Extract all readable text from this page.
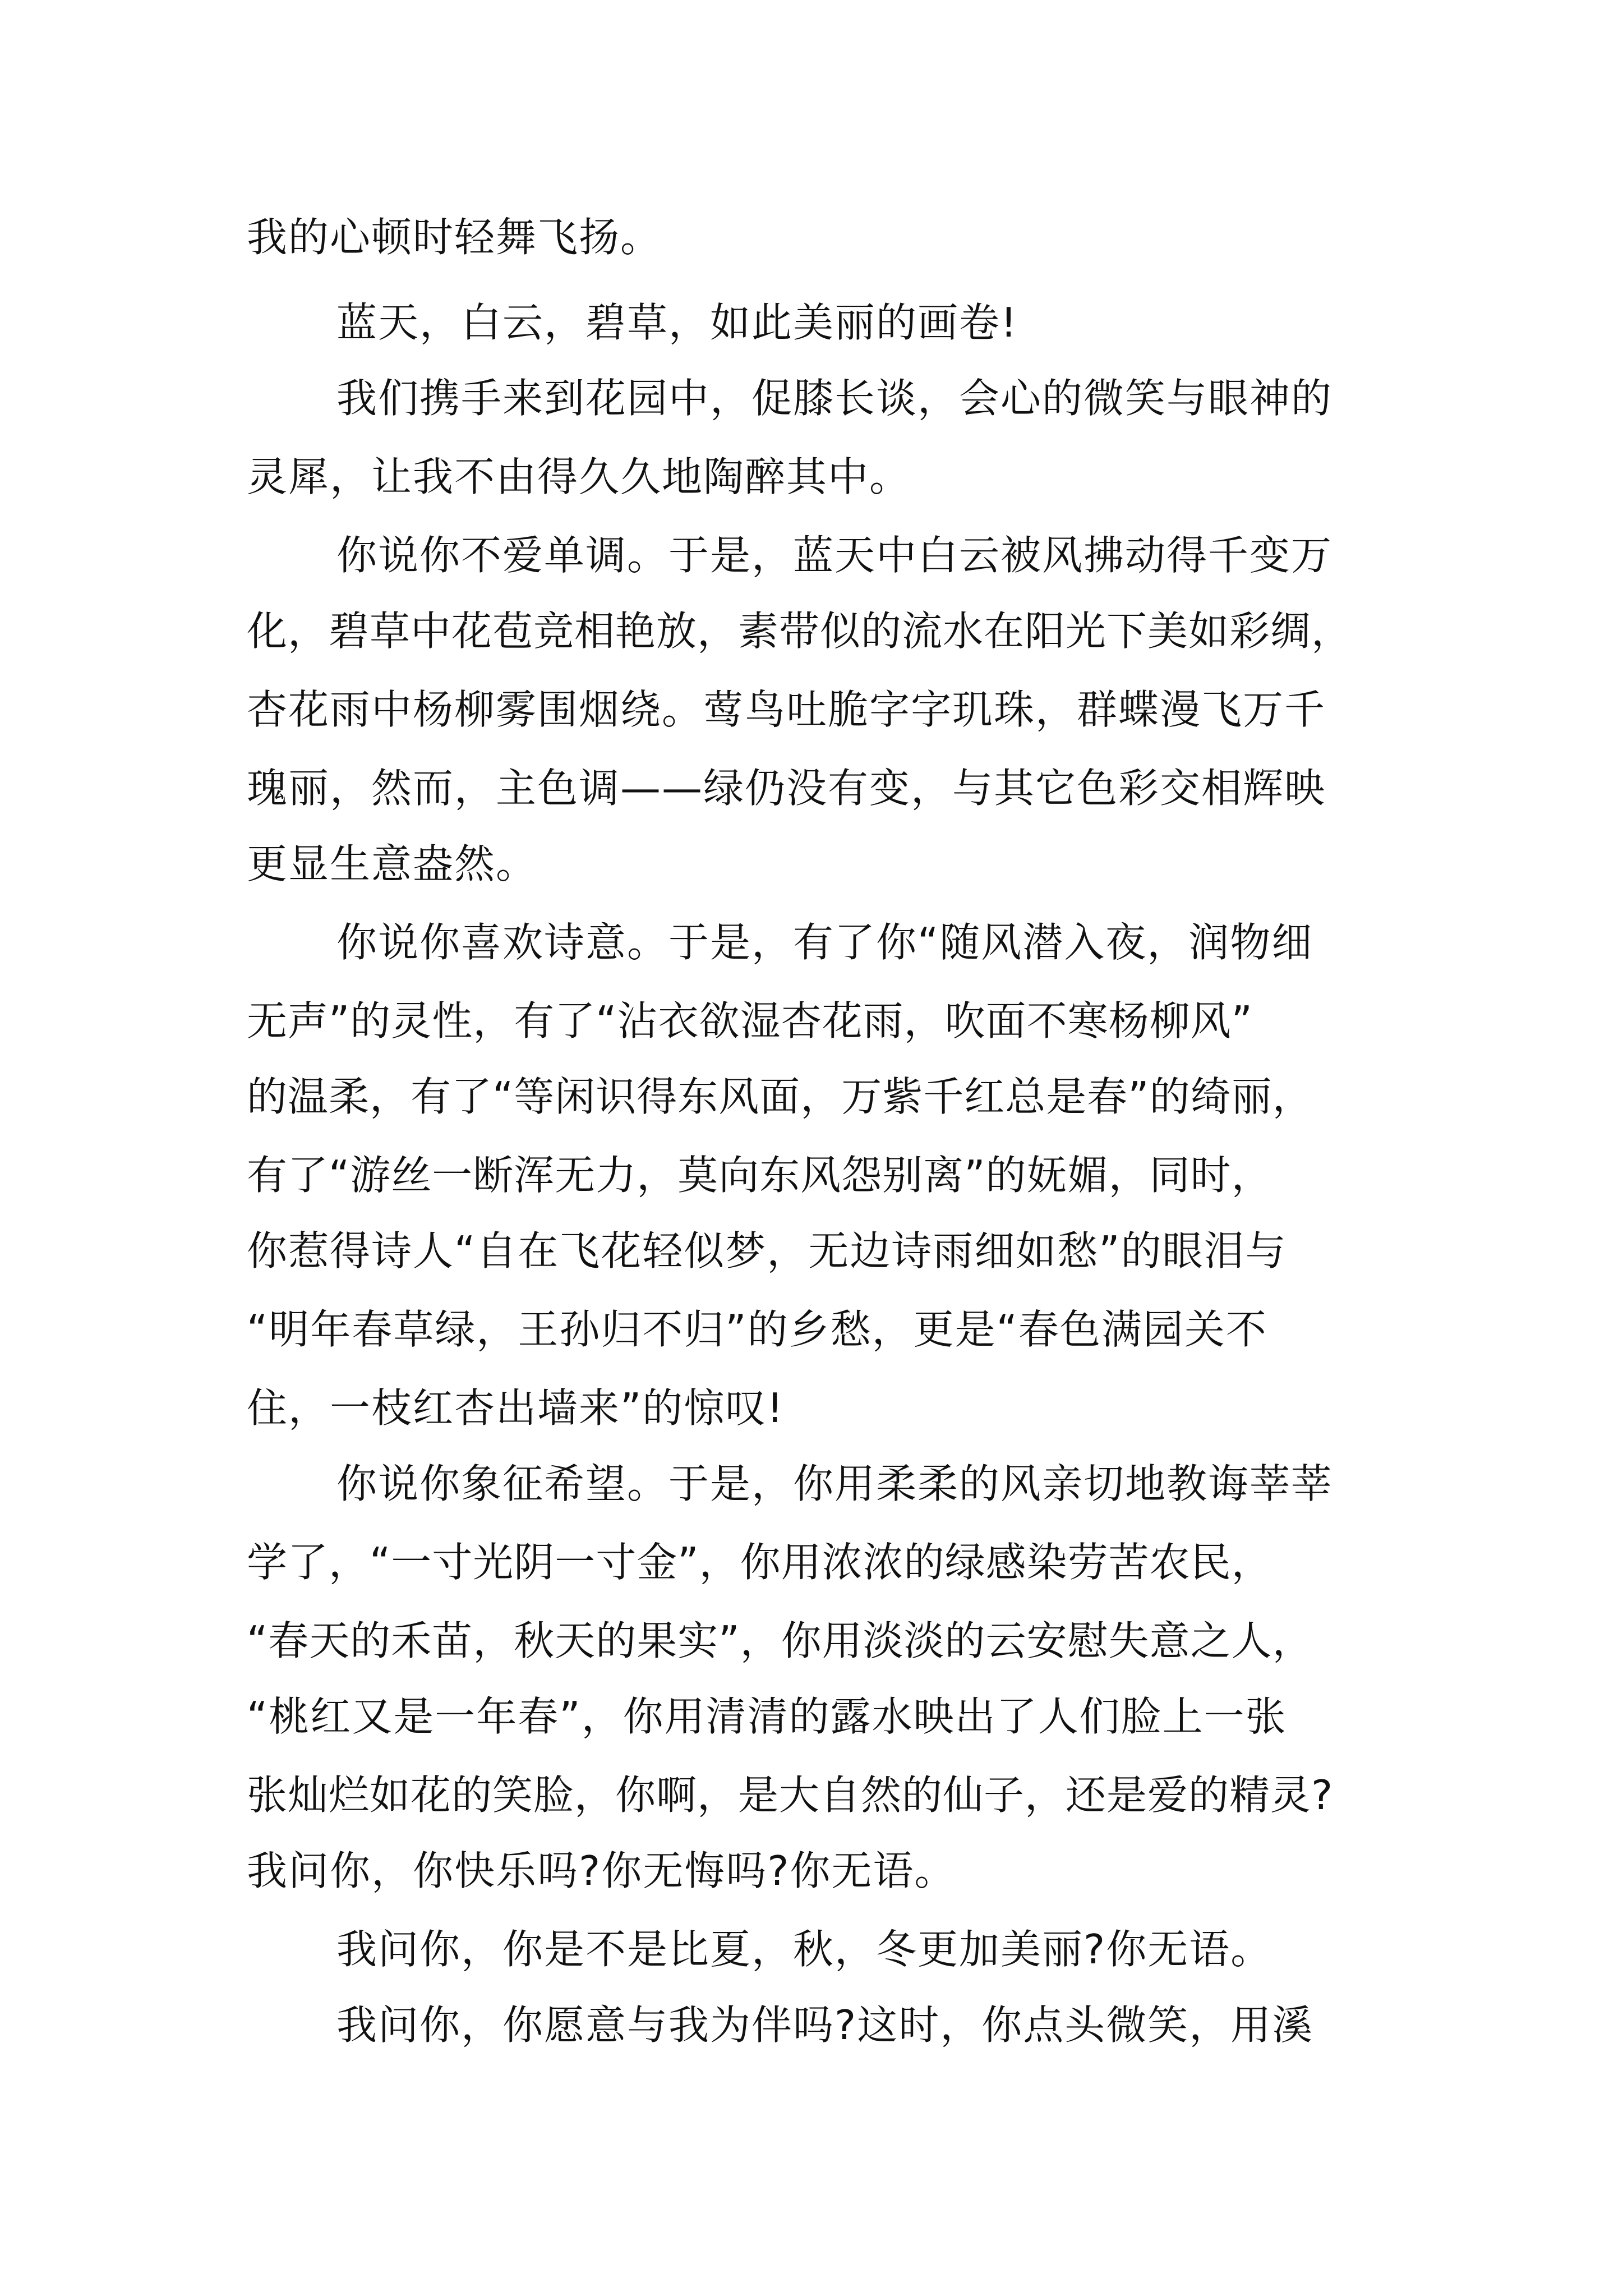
我的心顿时轻舞飞扬。
蓝天，白云，碧草，如此美丽的画卷!
我们携手来到花园中，促膝长谈，会心的微笑与眼神的
灵犀，让我不由得久久地陶醉其中。
你说你不爱单调。于是，蓝天中白云被风拂动得千变万
化，碧草中花苞竞相艳放，素带似的流水在阳光下美如彩绸，
杏花雨中杨柳雾围烟绕。莺鸟吐脆字字玑珠，群蝶漫飞万千
瑰丽，然而，主色调——绿仍没有变，与其它色彩交相辉映
更显生意盎然。
你说你喜欢诗意。于是，有了你“随风潜入夜，润物细
无声”的灵性，有了“沾衣欲湿杏花雨，吹面不寒杨柳风”
的温柔，有了“等闲识得东风面，万紫千红总是春”的绮丽，
有了“游丝一断浑无力，莫向东风怨别离”的妩媚，同时，
你惹得诗人“自在飞花轻似梦，无边诗雨细如愁”的眼泪与
“明年春草绿，王孙归不归”的乡愁，更是“春色满园关不
住，一枝红杏出墙来”的惊叹!
你说你象征希望。于是，你用柔柔的风亲切地教诲莘莘
学了，“一寸光阴一寸金”，你用浓浓的绿感染劳苦农民，
“春天的禾苗，秋天的果实”，你用淡淡的云安慰失意之人，
“桃红又是一年春”，你用清清的露水映出了人们脸上一张
张灿烂如花的笑脸，你啊，是大自然的仙子，还是爱的精灵?
我问你，你快乐吗?你无悔吗?你无语。
我问你，你是不是比夏，秋，冬更加美丽?你无语。
我问你，你愿意与我为伴吗?这时，你点头微笑，用溪
